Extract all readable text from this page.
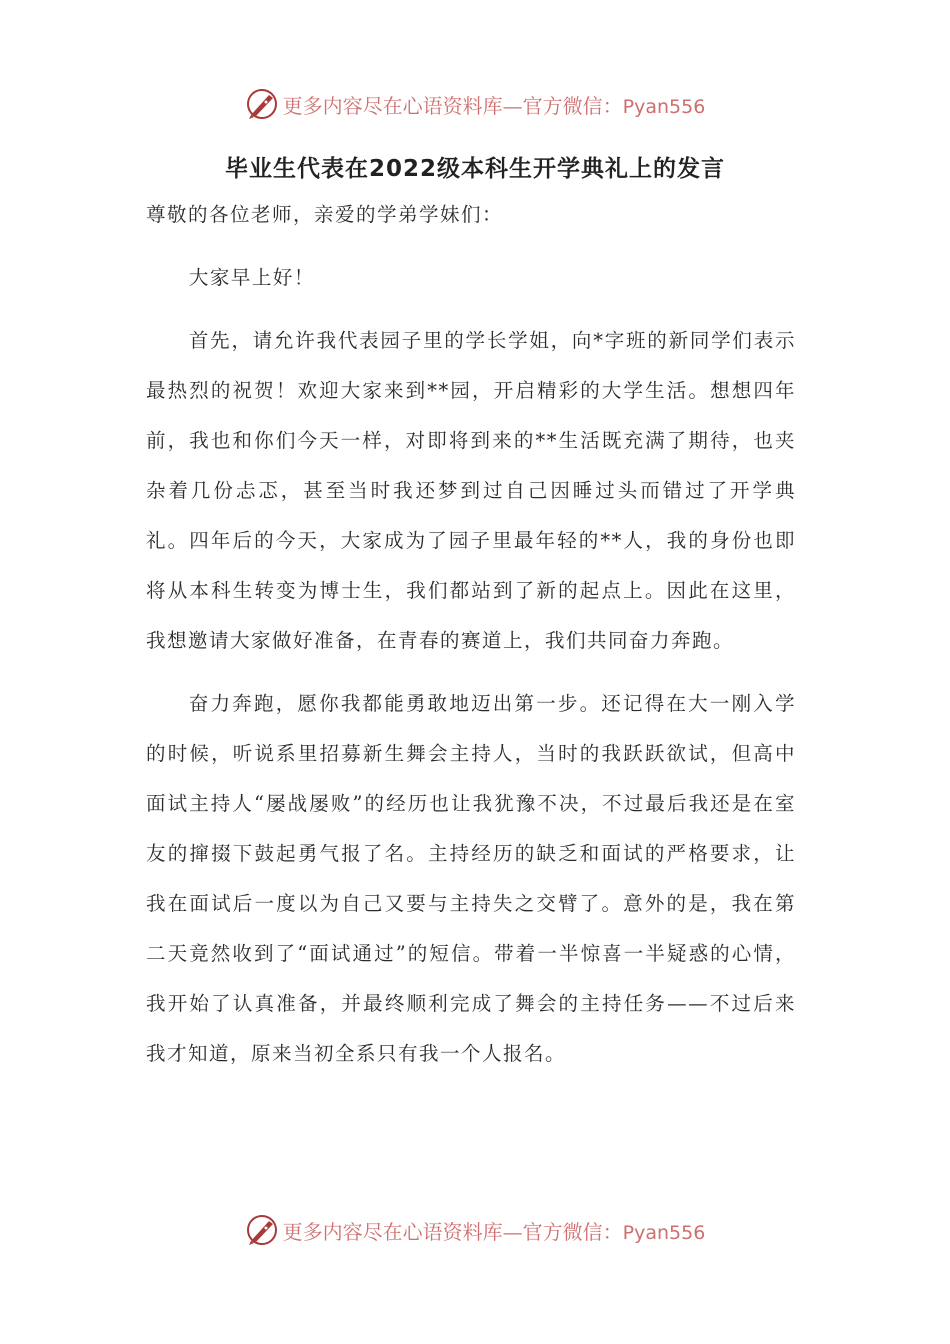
更多内容尽在心语资料库—官方微信：Pyan556
毕业生代表在2022级本科生开学典礼上的发言

尊敬的各位老师，亲爱的学弟学妹们：

大家早上好！

首先，请允许我代表园子里的学长学姐，向*字班的新同学们表示最热烈的祝贺！欢迎大家来到**园，开启精彩的大学生活。想想四年前，我也和你们今天一样，对即将到来的**生活既充满了期待，也夹杂着几份忐忑，甚至当时我还梦到过自己因睡过头而错过了开学典礼。四年后的今天，大家成为了园子里最年轻的**人，我的身份也即将从本科生转变为博士生，我们都站到了新的起点上。因此在这里，我想邀请大家做好准备，在青春的赛道上，我们共同奋力奔跑。

奋力奔跑，愿你我都能勇敢地迈出第一步。还记得在大一刚入学的时候，听说系里招募新生舞会主持人，当时的我跃跃欲试，但高中面试主持人“屡战屡败”的经历也让我犹豫不决，不过最后我还是在室友的撺掇下鼓起勇气报了名。主持经历的缺乏和面试的严格要求，让我在面试后一度以为自己又要与主持失之交臂了。意外的是，我在第二天竟然收到了“面试通过”的短信。带着一半惊喜一半疑惑的心情，我开始了认真准备，并最终顺利完成了舞会的主持任务——不过后来我才知道，原来当初全系只有我一个人报名。

更多内容尽在心语资料库—官方微信：Pyan556
